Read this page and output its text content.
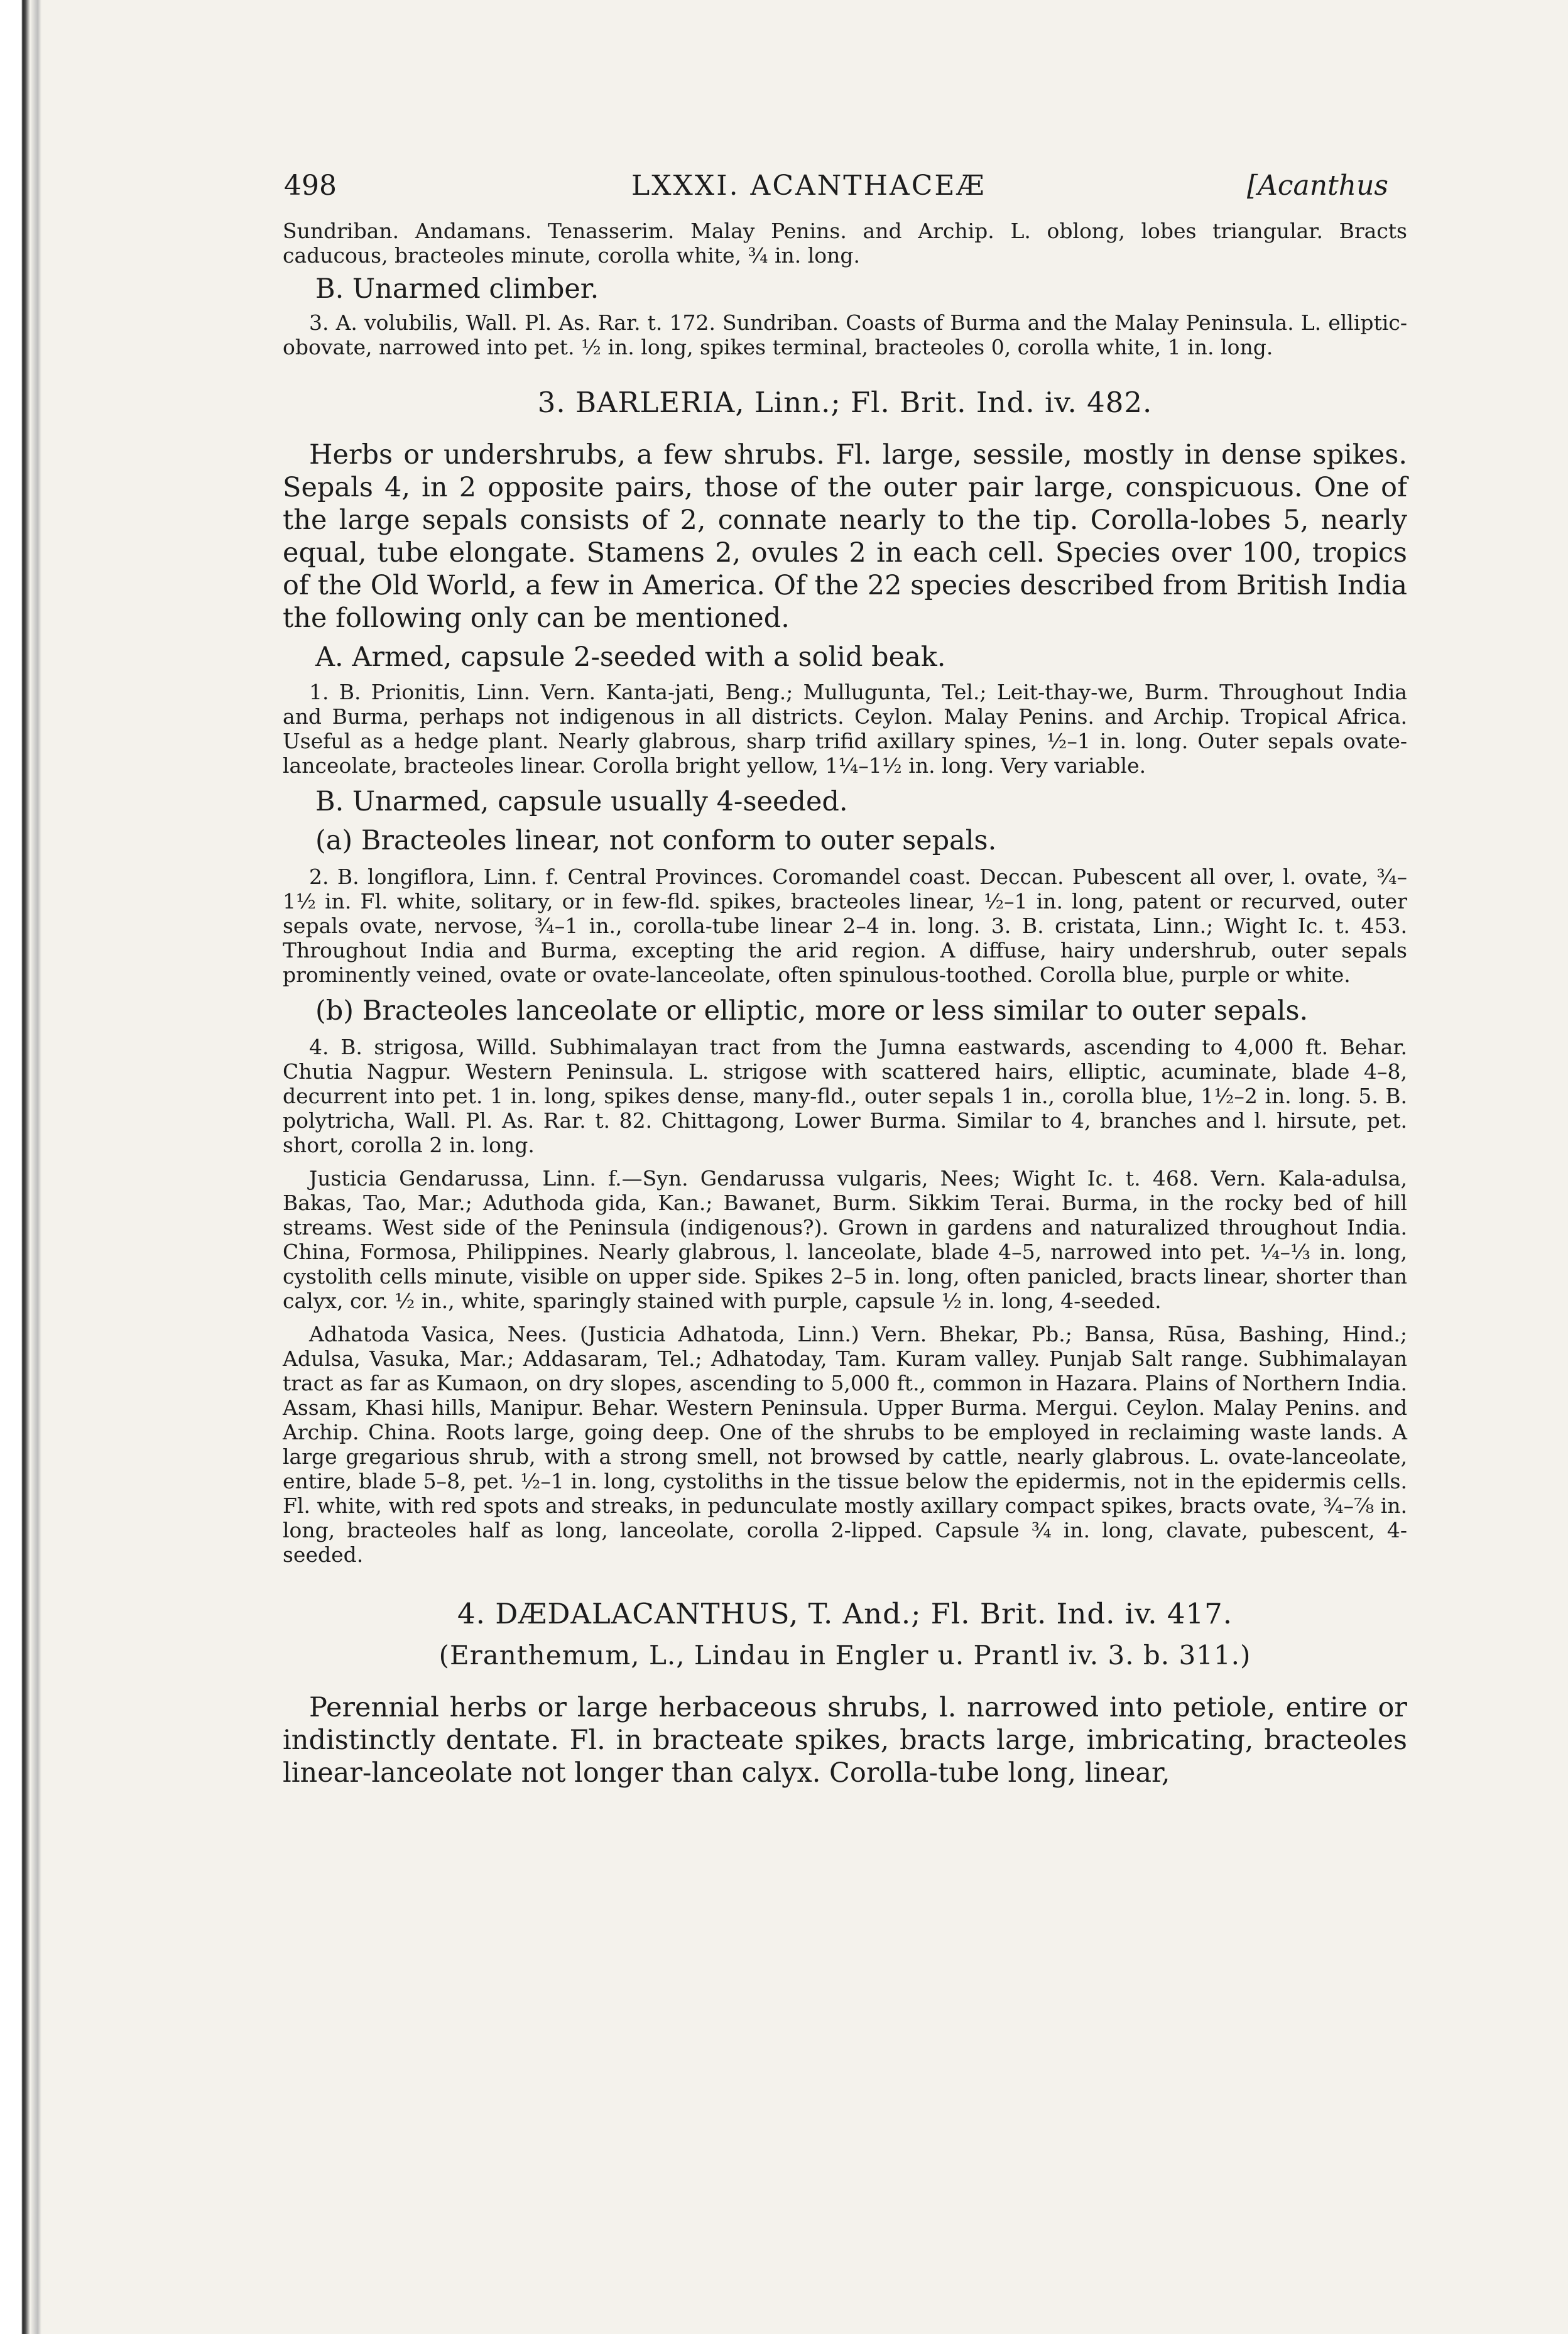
498	LXXXI. ACANTHACEÆ	[Acanthus

Sundriban. Andamans. Tenasserim. Malay Penins. and Archip. L. oblong, lobes triangular. Bracts caducous, bracteoles minute, corolla white, ¾ in. long.

B. Unarmed climber.

3. A. volubilis, Wall. Pl. As. Rar. t. 172. Sundriban. Coasts of Burma and the Malay Peninsula. L. elliptic-obovate, narrowed into pet. ½ in. long, spikes terminal, bracteoles 0, corolla white, 1 in. long.

3. BARLERIA, Linn.; Fl. Brit. Ind. iv. 482.

Herbs or undershrubs, a few shrubs. Fl. large, sessile, mostly in dense spikes. Sepals 4, in 2 opposite pairs, those of the outer pair large, conspicuous. One of the large sepals consists of 2, connate nearly to the tip. Corolla-lobes 5, nearly equal, tube elongate. Stamens 2, ovules 2 in each cell. Species over 100, tropics of the Old World, a few in America. Of the 22 species described from British India the following only can be mentioned.

A. Armed, capsule 2-seeded with a solid beak.

1. B. Prionitis, Linn. Vern. Kanta-jati, Beng.; Mullugunta, Tel.; Leit-thay-we, Burm. Throughout India and Burma, perhaps not indigenous in all districts. Ceylon. Malay Penins. and Archip. Tropical Africa. Useful as a hedge plant. Nearly glabrous, sharp trifid axillary spines, ½–1 in. long. Outer sepals ovate-lanceolate, bracteoles linear. Corolla bright yellow, 1¼–1½ in. long. Very variable.

B. Unarmed, capsule usually 4-seeded.

(a) Bracteoles linear, not conform to outer sepals.

2. B. longiflora, Linn. f. Central Provinces. Coromandel coast. Deccan. Pubescent all over, l. ovate, ¾–1½ in. Fl. white, solitary, or in few-fld. spikes, bracteoles linear, ½–1 in. long, patent or recurved, outer sepals ovate, nervose, ¾–1 in., corolla-tube linear 2–4 in. long. 3. B. cristata, Linn.; Wight Ic. t. 453. Throughout India and Burma, excepting the arid region. A diffuse, hairy undershrub, outer sepals prominently veined, ovate or ovate-lanceolate, often spinulous-toothed. Corolla blue, purple or white.

(b) Bracteoles lanceolate or elliptic, more or less similar to outer sepals.

4. B. strigosa, Willd. Subhimalayan tract from the Jumna eastwards, ascending to 4,000 ft. Behar. Chutia Nagpur. Western Peninsula. L. strigose with scattered hairs, elliptic, acuminate, blade 4–8, decurrent into pet. 1 in. long, spikes dense, many-fld., outer sepals 1 in., corolla blue, 1½–2 in. long. 5. B. polytricha, Wall. Pl. As. Rar. t. 82. Chittagong, Lower Burma. Similar to 4, branches and l. hirsute, pet. short, corolla 2 in. long.

Justicia Gendarussa, Linn. f.—Syn. Gendarussa vulgaris, Nees; Wight Ic. t. 468. Vern. Kala-adulsa, Bakas, Tao, Mar.; Aduthoda gida, Kan.; Bawanet, Burm. Sikkim Terai. Burma, in the rocky bed of hill streams. West side of the Peninsula (indigenous?). Grown in gardens and naturalized throughout India. China, Formosa, Philippines. Nearly glabrous, l. lanceolate, blade 4–5, narrowed into pet. ¼–⅓ in. long, cystolith cells minute, visible on upper side. Spikes 2–5 in. long, often panicled, bracts linear, shorter than calyx, cor. ½ in., white, sparingly stained with purple, capsule ½ in. long, 4-seeded.

Adhatoda Vasica, Nees. (Justicia Adhatoda, Linn.) Vern. Bhekar, Pb.; Bansa, Rūsa, Bashing, Hind.; Adulsa, Vasuka, Mar.; Addasaram, Tel.; Adhatoday, Tam. Kuram valley. Punjab Salt range. Subhimalayan tract as far as Kumaon, on dry slopes, ascending to 5,000 ft., common in Hazara. Plains of Northern India. Assam, Khasi hills, Manipur. Behar. Western Peninsula. Upper Burma. Mergui. Ceylon. Malay Penins. and Archip. China. Roots large, going deep. One of the shrubs to be employed in reclaiming waste lands. A large gregarious shrub, with a strong smell, not browsed by cattle, nearly glabrous. L. ovate-lanceolate, entire, blade 5–8, pet. ½–1 in. long, cystoliths in the tissue below the epidermis, not in the epidermis cells. Fl. white, with red spots and streaks, in pedunculate mostly axillary compact spikes, bracts ovate, ¾–⅞ in. long, bracteoles half as long, lanceolate, corolla 2-lipped. Capsule ¾ in. long, clavate, pubescent, 4-seeded.

4. DÆDALACANTHUS, T. And.; Fl. Brit. Ind. iv. 417.

(Eranthemum, L., Lindau in Engler u. Prantl iv. 3. b. 311.)

Perennial herbs or large herbaceous shrubs, l. narrowed into petiole, entire or indistinctly dentate. Fl. in bracteate spikes, bracts large, imbricating, bracteoles linear-lanceolate not longer than calyx. Corolla-tube long, linear,
